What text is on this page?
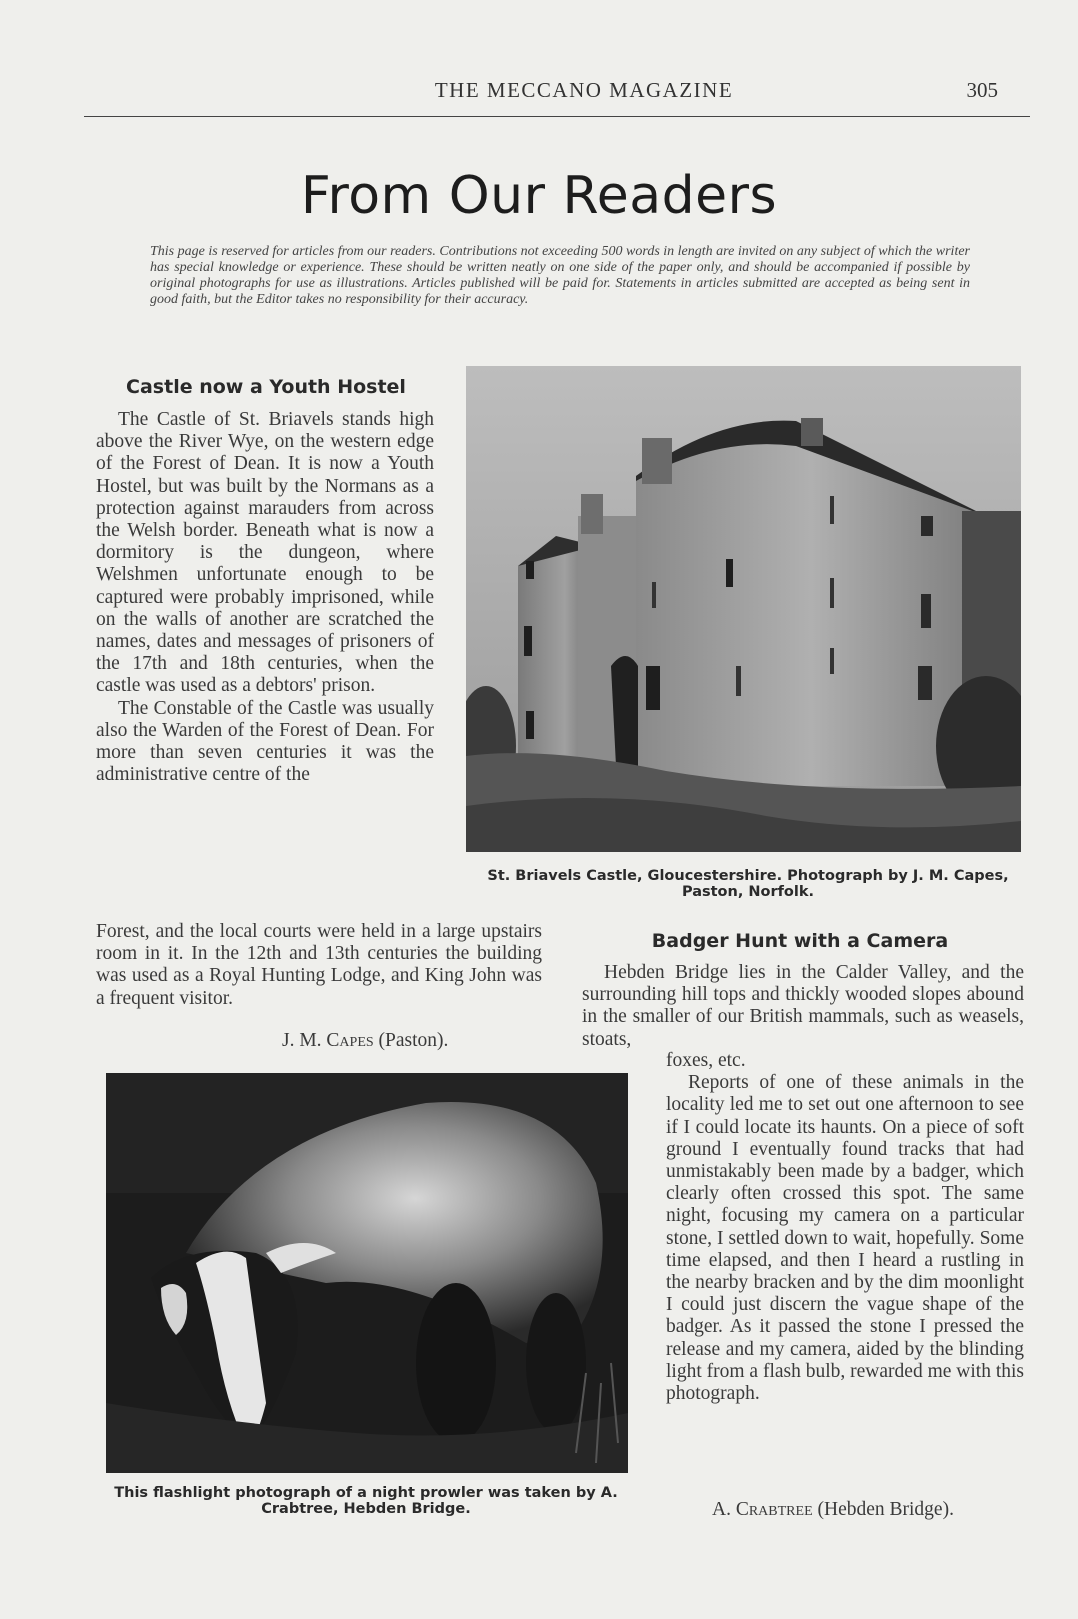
THE MECCANO MAGAZINE	305
From Our Readers
This page is reserved for articles from our readers. Contributions not exceeding 500 words in length are invited on any subject of which the writer has special knowledge or experience. These should be written neatly on one side of the paper only, and should be accompanied if possible by original photographs for use as illustrations. Articles published will be paid for. Statements in articles submitted are accepted as being sent in good faith, but the Editor takes no responsibility for their accuracy.
Castle now a Youth Hostel

The Castle of St. Briavels stands high above the River Wye, on the western edge of the Forest of Dean. It is now a Youth Hostel, but was built by the Normans as a protection against marauders from across the Welsh border. Beneath what is now a dormitory is the dungeon, where Welshmen unfortunate enough to be captured were probably imprisoned, while on the walls of another are scratched the names, dates and messages of prisoners of the 17th and 18th centuries, when the castle was used as a debtors' prison.

The Constable of the Castle was usually also the Warden of the Forest of Dean. For more than seven centuries it was the administrative centre of the

Forest, and the local courts were held in a large upstairs room in it. In the 12th and 13th centuries the building was used as a Royal Hunting Lodge, and King John was a frequent visitor.
J. M. Capes (Paston).
St. Briavels Castle, Gloucestershire. Photograph by J. M. Capes, Paston, Norfolk.
Badger Hunt with a Camera

Hebden Bridge lies in the Calder Valley, and the surrounding hill tops and thickly wooded slopes abound in the smaller of our British mammals, such as weasels, stoats,

foxes, etc.

Reports of one of these animals in the locality led me to set out one afternoon to see if I could locate its haunts. On a piece of soft ground I eventually found tracks that had unmistakably been made by a badger, which clearly often crossed this spot. The same night, focusing my camera on a particular stone, I settled down to wait, hopefully. Some time elapsed, and then I heard a rustling in the nearby bracken and by the dim moonlight I could just discern the vague shape of the badger. As it passed the stone I pressed the release and my camera, aided by the blinding light from a flash bulb, rewarded me with this photograph.

A. Crabtree (Hebden Bridge).
This flashlight photograph of a night prowler was taken by A. Crabtree, Hebden Bridge.
